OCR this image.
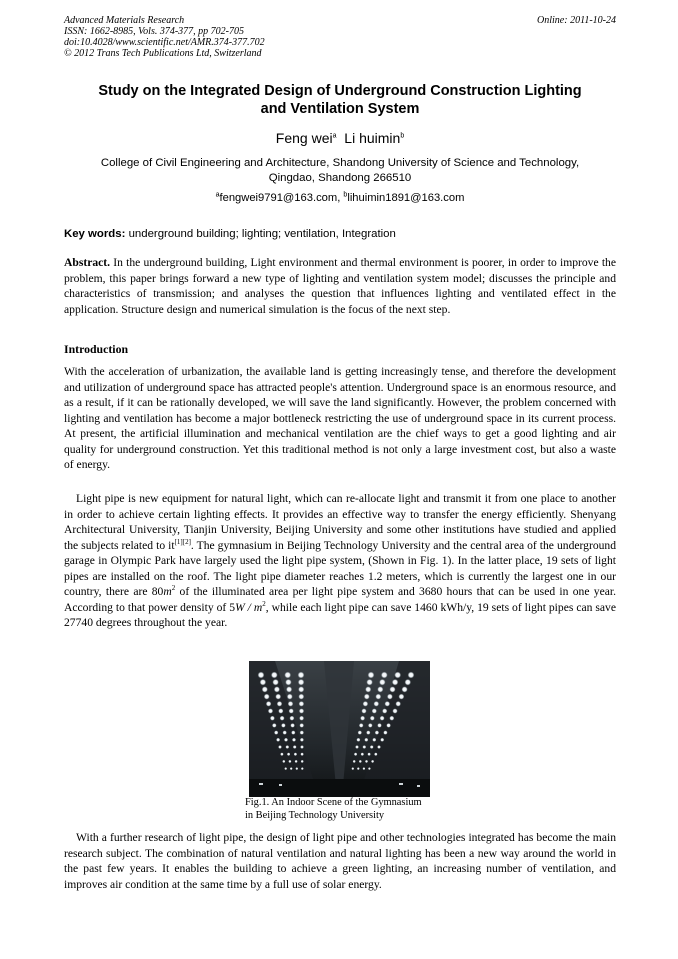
Advanced Materials Research	Online: 2011-10-24
ISSN: 1662-8985, Vols. 374-377, pp 702-705
doi:10.4028/www.scientific.net/AMR.374-377.702
© 2012 Trans Tech Publications Ltd, Switzerland
Study on the Integrated Design of Underground Construction Lighting
and Ventilation System
Feng wei$^a$ Li huimin$^b$
College of Civil Engineering and Architecture, Shandong University of Science and Technology,
Qingdao, Shandong 266510
$^a$fengwei9791@163.com, $^b$lihuimin1891@163.com
Key words: underground building; lighting; ventilation, Integration

Abstract. In the underground building, Light environment and thermal environment is poorer, in order to improve the problem, this paper brings forward a new type of lighting and ventilation system model; discusses the principle and characteristics of transmission; and analyses the question that influences lighting and ventilated effect in the application. Structure design and numerical simulation is the focus of the next step.

Introduction

With the acceleration of urbanization, the available land is getting increasingly tense, and therefore the development and utilization of underground space has attracted people's attention. Underground space is an enormous resource, and as a result, if it can be rationally developed, we will save the land significantly. However, the problem concerned with lighting and ventilation has become a major bottleneck restricting the use of underground space in its current process. At present, the artificial illumination and mechanical ventilation are the chief ways to get a good lighting and air quality for underground construction. Yet this traditional method is not only a large investment cost, but also a waste of energy.

Light pipe is new equipment for natural light, which can re-allocate light and transmit it from one place to another in order to achieve certain lighting effects. It provides an effective way to transfer the energy efficiently. Shenyang Architectural University, Tianjin University, Beijing University and some other institutions have studied and applied the subjects related to it[1][2]. The gymnasium in Beijing Technology University and the central area of the underground garage in Olympic Park have largely used the light pipe system, (Shown in Fig. 1). In the latter place, 19 sets of light pipes are installed on the roof. The light pipe diameter reaches 1.2 meters, which is currently the largest one in our country, there are $80m^2$ of the illuminated area per light pipe system and 3680 hours that can be used in one year. According to that power density of $5W / m^2$, while each light pipe can save 1460 kWh/y, 19 sets of light pipes can save 27740 degrees throughout the year.

Fig.1. An Indoor Scene of the Gymnasium
in Beijing Technology University

With a further research of light pipe, the design of light pipe and other technologies integrated has become the main research subject. The combination of natural ventilation and natural lighting has been a new way around the world in the past few years. It enables the building to achieve a green lighting, an increasing number of ventilation, and improves air condition at the same time by a full use of solar energy.
